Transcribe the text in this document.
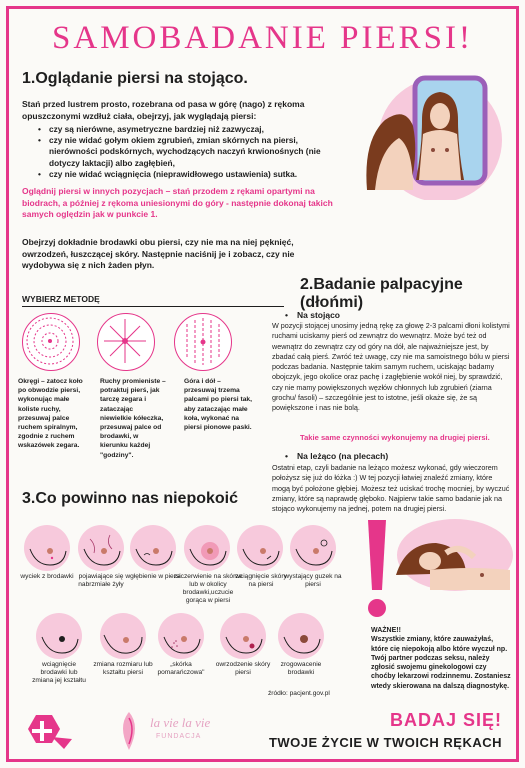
SAMOBADANIE PIERSI!
1.Oglądanie piersi na stojąco.
Stań przed lustrem prosto, rozebrana od pasa w górę (nago) z rękoma opuszczonymi wzdłuż ciała, obejrzyj, jak wyglądają piersi:
• czy są nierówne, asymetryczne bardziej niż zazwyczaj,
• czy nie widać gołym okiem zgrubień, zmian skórnych na piersi, nierówności podskórnych, wychodzących naczyń krwionośnych (nie dotyczy laktacji) albo zagłębień,
• czy nie widać wciągnięcia (nieprawidłowego ustawienia) sutka.
Oglądnij piersi w innych pozycjach – stań przodem z rękami opartymi na biodrach, a później z rękoma uniesionymi do góry - następnie dokonaj takich samych oględzin jak w punkcie 1.
Obejrzyj dokładnie brodawki obu piersi, czy nie ma na niej pęknięć, owrzodzeń, łuszczącej skóry. Następnie naciśnij je i zobacz, czy nie wydobywa się z nich żaden płyn.
WYBIERZ METODĘ
Okręgi – zatocz koło po obwodzie piersi, wykonując małe koliste ruchy, przesuwaj palce ruchem spiralnym, zgodnie z ruchem wskazówek zegara.
Ruchy promieniste – potraktuj pierś, jak tarczę zegara i zataczając niewielkie kółeczka, przesuwaj palce od brodawki, w kierunku każdej "godziny".
Góra i dół – przesuwaj trzema palcami po piersi tak, aby zataczając małe koła, wykonać na piersi pionowe paski.
2.Badanie palpacyjne (dłońmi)
•	Na stojąco
W pozycji stojącej unosimy jedną rękę za głowę 2-3 palcami dłoni kolistymi ruchami uciskamy pierś od zewnątrz do wewnątrz. Może być też od wewnątrz do zewnątrz czy od góry na dół, ale najważniejsze jest, by zbadać całą pierś. Zwróć też uwagę, czy nie ma samoistnego bólu w piersi podczas badania. Następnie takim samym ruchem, uciskając badamy obojczyk, jego okolice oraz pachę i zagłębienie wokół niej, by sprawdzić, czy nie mamy powiększonych węzłów chłonnych lub zgrubień (ziarna grochu/ fasoli) – szczególnie jest to istotne, jeśli okaże się, że są powiększone i nas nie bolą.
Takie same czynności wykonujemy na drugiej piersi.
•	Na leżąco (na plecach)
Ostatni etap, czyli badanie na leżąco możesz wykonać, gdy wieczorem położysz się już do łóżka :) W tej pozycji łatwiej znaleźć zmiany, które mogą być położone głębiej. Możesz też uciskać trochę mocniej, by wyczuć zmiany, które są naprawdę głęboko. Najpierw takie samo badanie jak na stojąco wykonujemy na jednej, potem na drugiej piersi.
3.Co powinno nas niepokoić
wyciek z brodawki pojawiające się nabrzmiałe żyły
wgłębienie w piersi
zaczerwienie na skórze lub w okolicy brodawki,uczucie gorąca w piersi
wciągnięcie skóry na piersi
wystający guzek na piersi
wciągnięcie brodawki lub zmiana jej kształtu
zmiana rozmiaru lub kształtu piersi
„skórka pomarańczowa"
owrzodzenie skóry piersi
zrogowacenie brodawki
źródło: pacjent.gov.pl
WAŻNE!!
Wszystkie zmiany, które zauważyłaś, które cię niepokoją albo które wyczuł np. Twój partner podczas seksu, należy zgłosić swojemu ginekologowi czy choćby lekarzowi rodzinnemu. Zostaniesz wtedy skierowana na dalszą diagnostykę.
la vie la vie
FUNDACJA
BADAJ SIĘ!
TWOJE ŻYCIE W TWOICH RĘKACH
